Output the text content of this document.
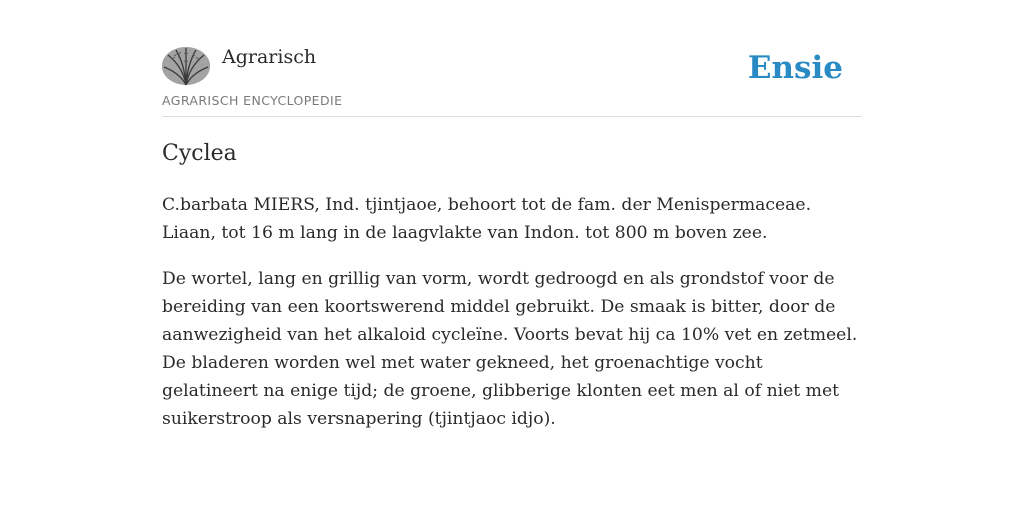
Agrarisch
AGRARISCH ENCYCLOPEDIE
Ensie
Cyclea

C.barbata MIERS, Ind. tjintjaoe, behoort tot de fam. der Menispermaceae. Liaan, tot 16 m lang in de laagvlakte van Indon. tot 800 m boven zee.

De wortel, lang en grillig van vorm, wordt gedroogd en als grondstof voor de bereiding van een koortswerend middel gebruikt. De smaak is bitter, door de aanwezigheid van het alkaloid cycleïne. Voorts bevat hij ca 10% vet en zetmeel. De bladeren worden wel met water gekneed, het groenachtige vocht gelatineert na enige tijd; de groene, glibberige klonten eet men al of niet met suikerstroop als versnapering (tjintjaoc idjo).
